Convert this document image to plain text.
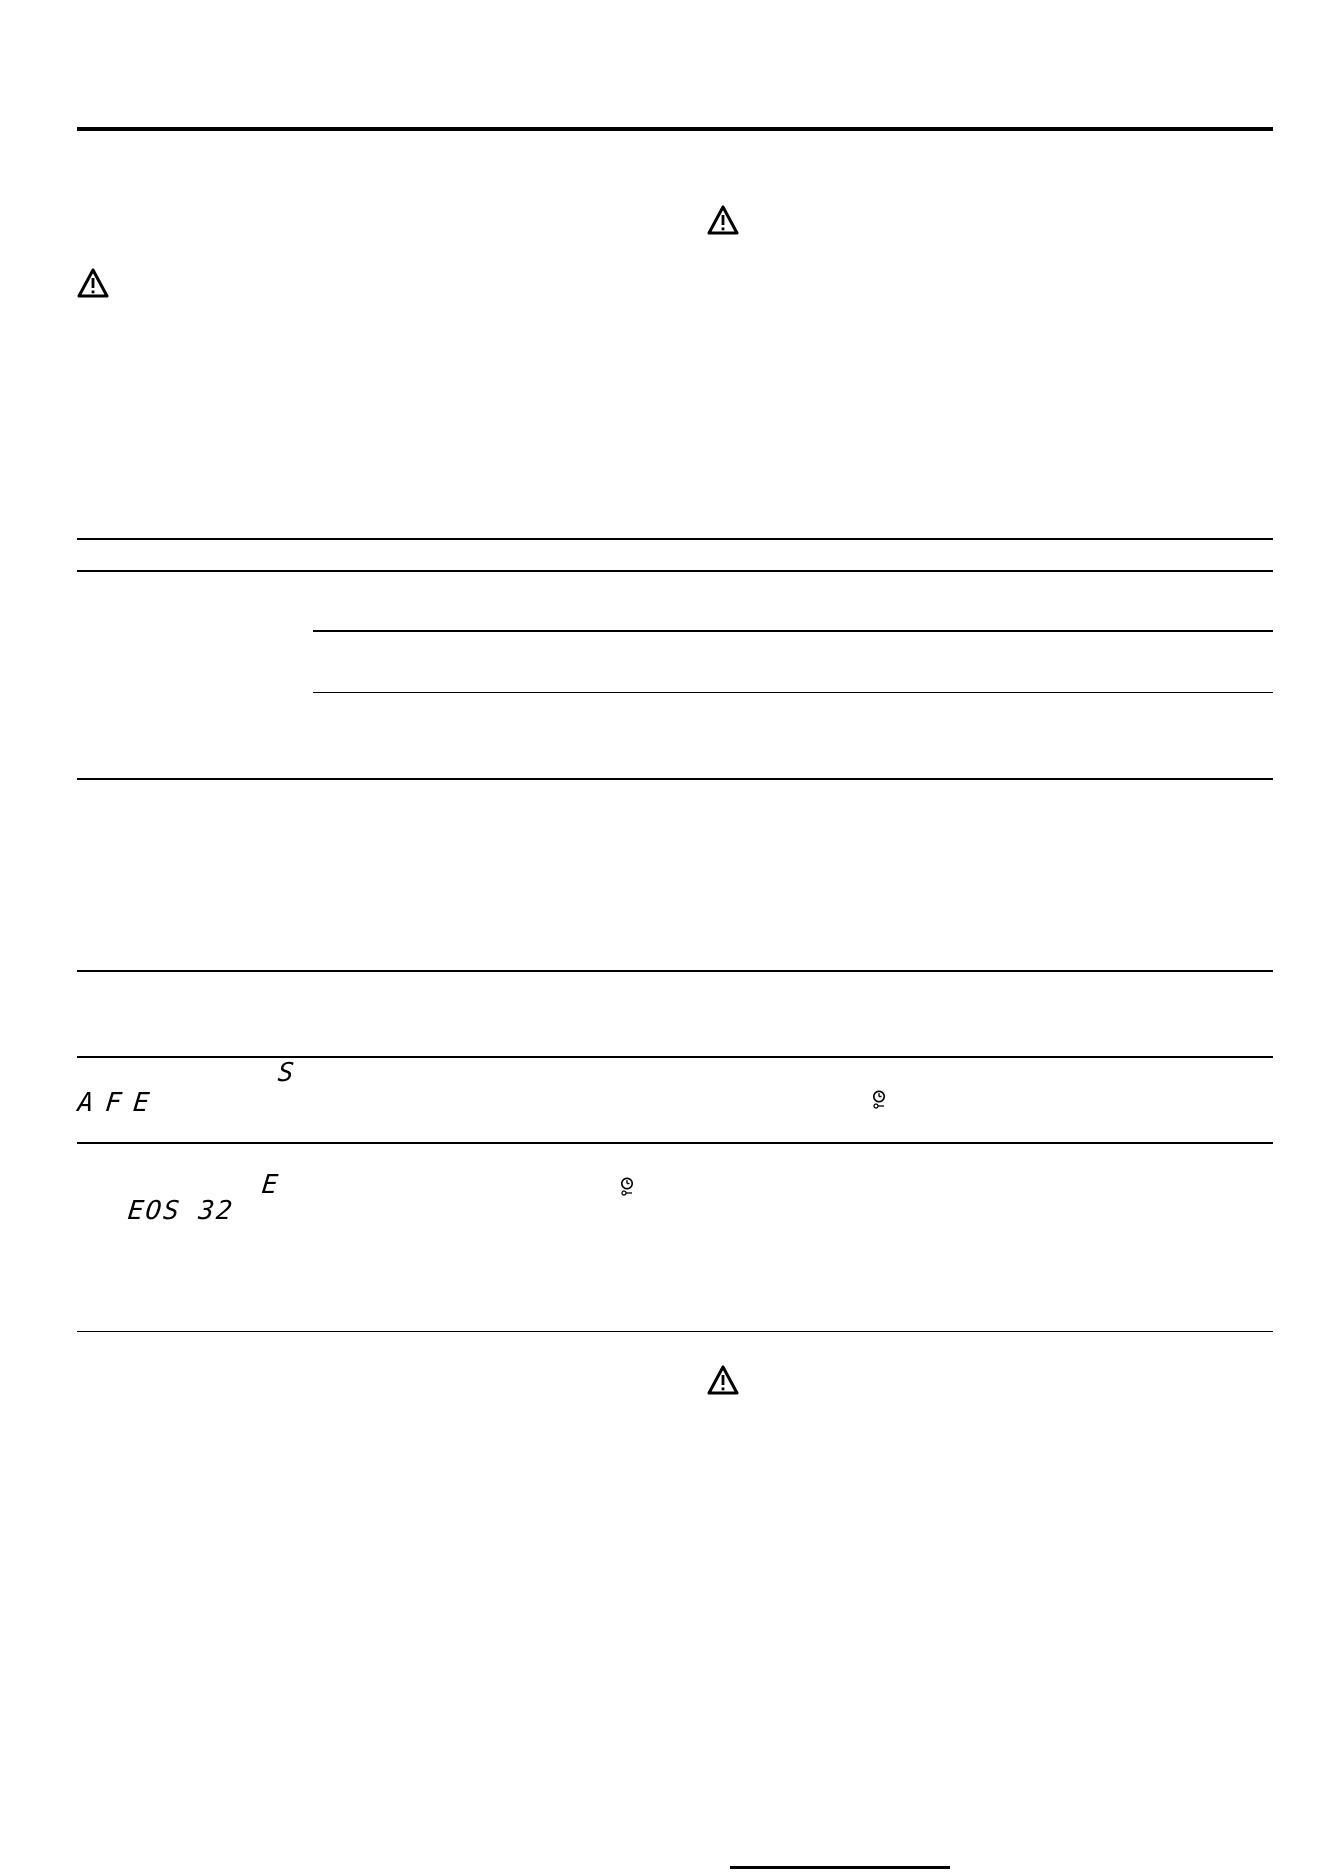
S
AFE
E
EOS 32
